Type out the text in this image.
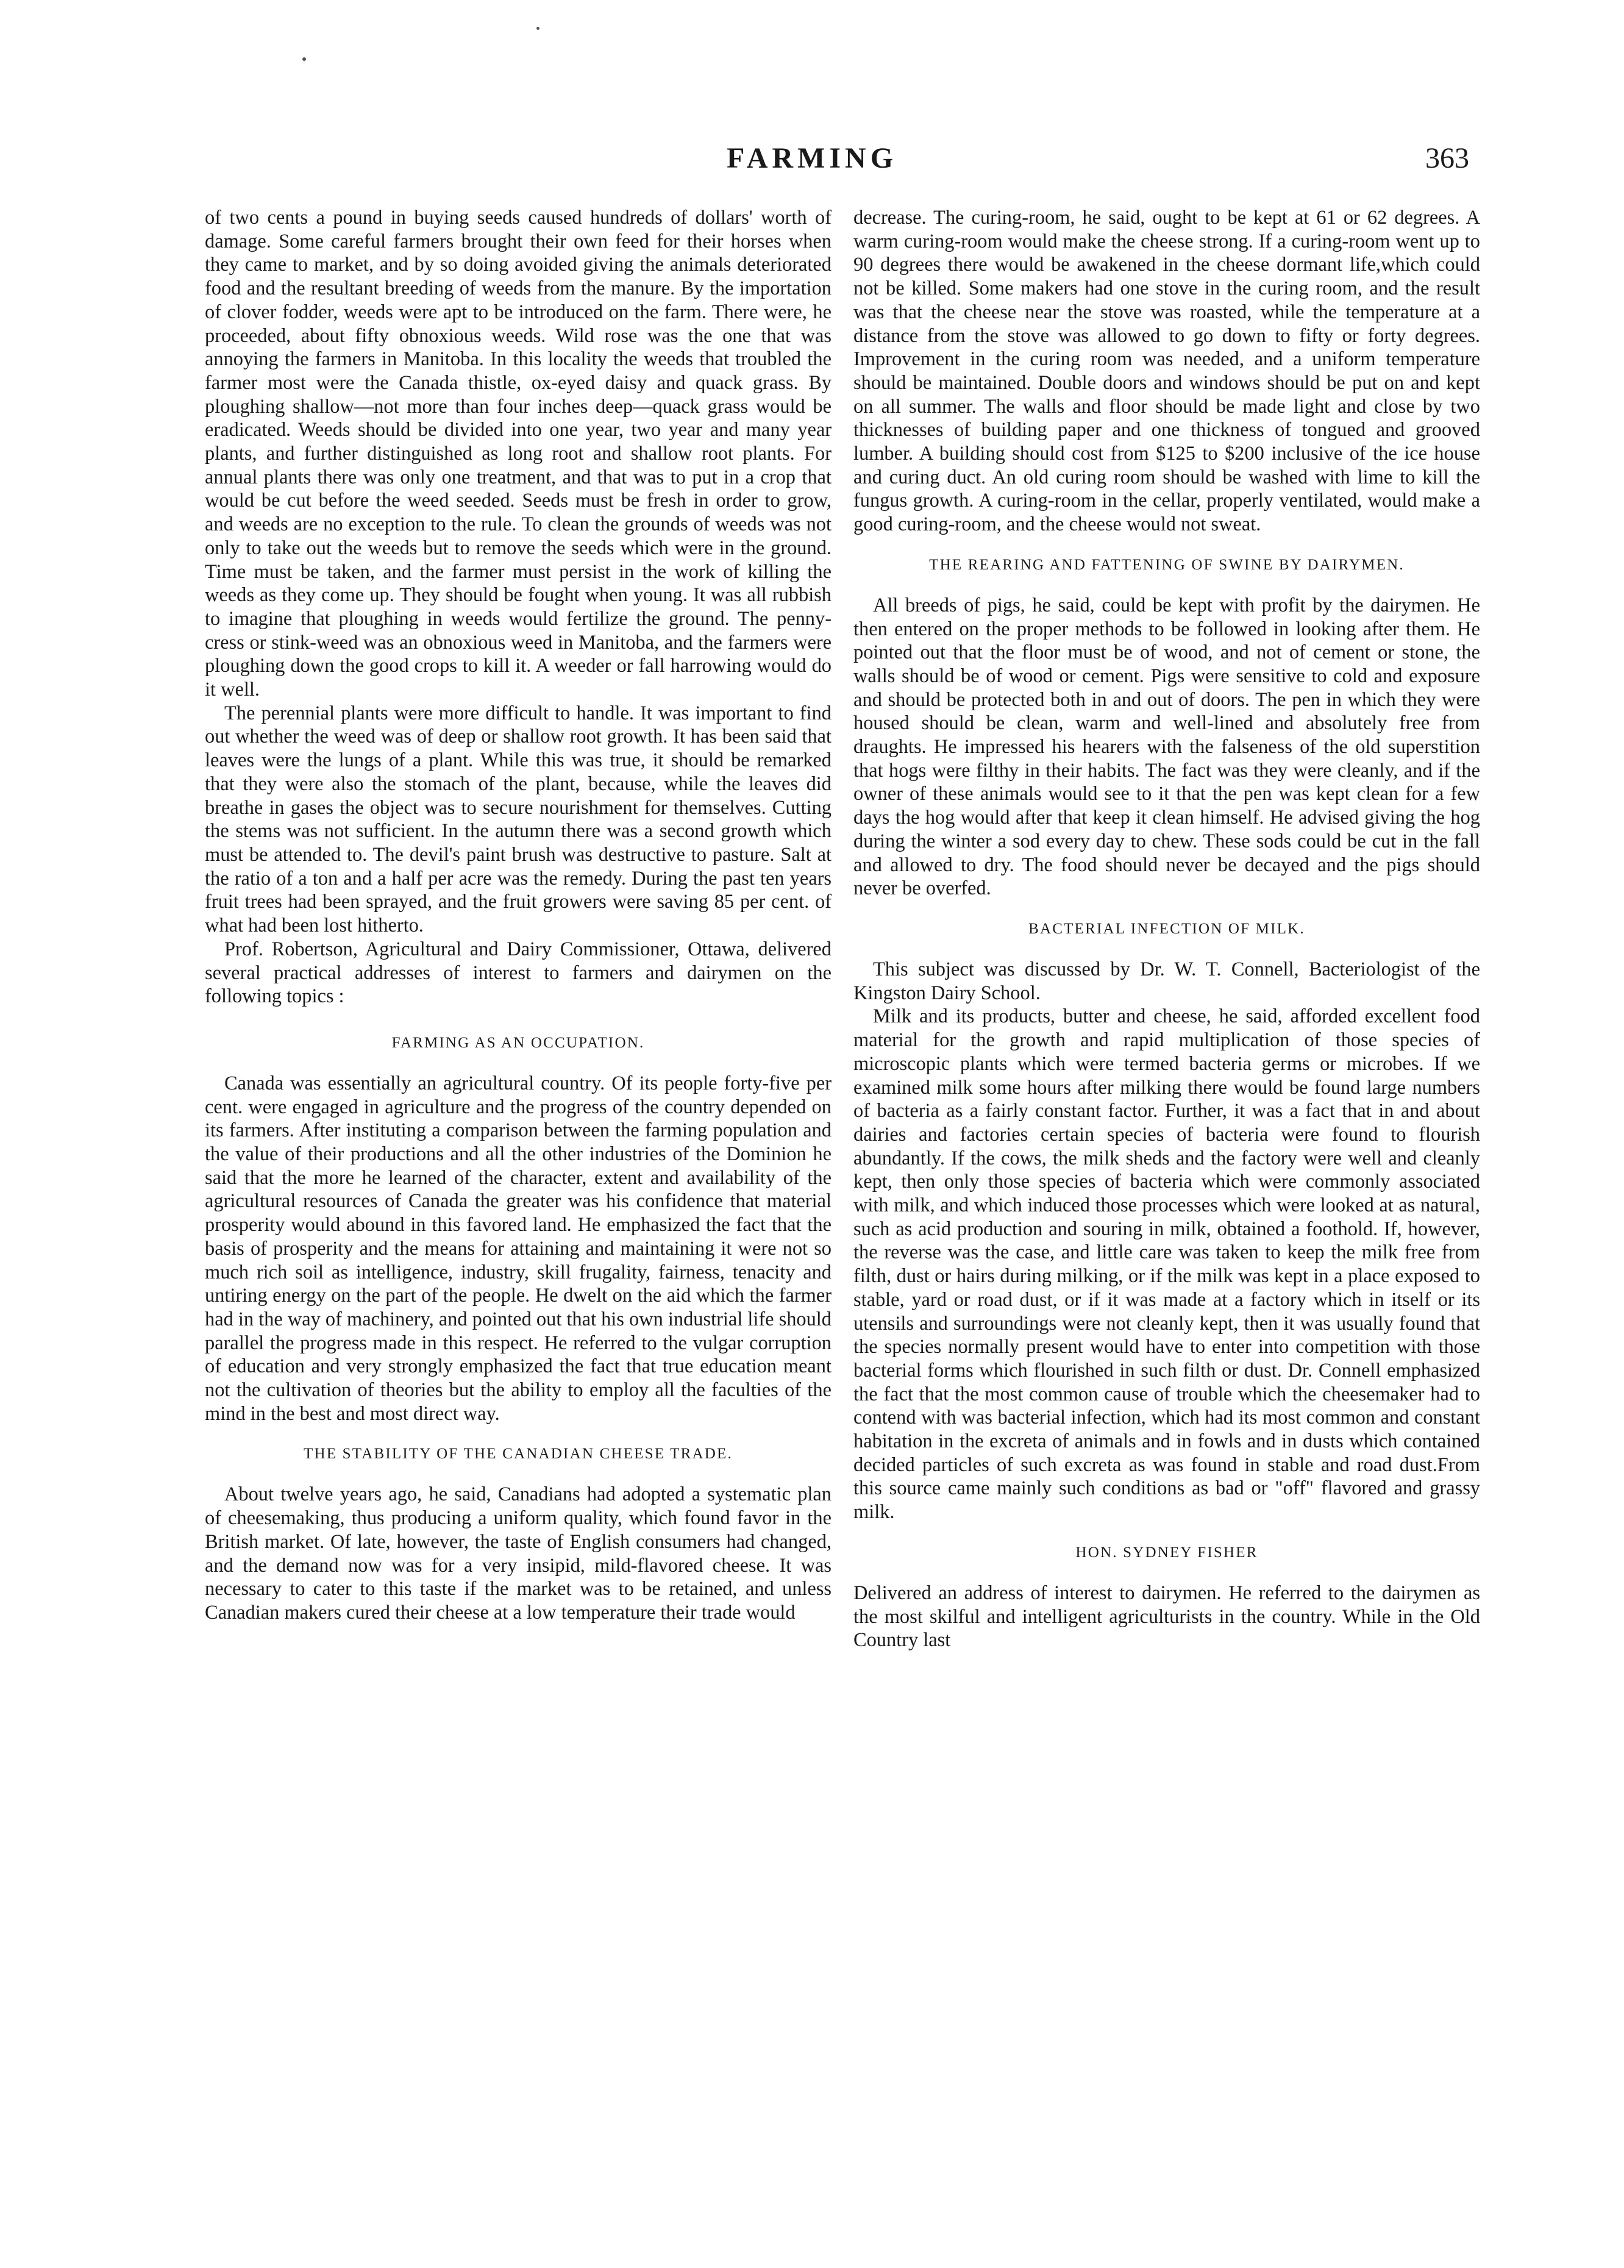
FARMING	363

of two cents a pound in buying seeds caused hundreds of dollars' worth of damage. Some careful farmers brought their own feed for their horses when they came to market, and by so doing avoided giving the animals deteriorated food and the resultant breeding of weeds from the manure. By the importation of clover fodder, weeds were apt to be introduced on the farm. There were, he proceeded, about fifty obnoxious weeds. Wild rose was the one that was annoying the farmers in Manitoba. In this locality the weeds that troubled the farmer most were the Canada thistle, ox-eyed daisy and quack grass. By ploughing shallow—not more than four inches deep—quack grass would be eradicated. Weeds should be divided into one year, two year and many year plants, and further distinguished as long root and shallow root plants. For annual plants there was only one treatment, and that was to put in a crop that would be cut before the weed seeded. Seeds must be fresh in order to grow, and weeds are no exception to the rule. To clean the grounds of weeds was not only to take out the weeds but to remove the seeds which were in the ground. Time must be taken, and the farmer must persist in the work of killing the weeds as they come up. They should be fought when young. It was all rubbish to imagine that ploughing in weeds would fertilize the ground. The penny-cress or stink-weed was an obnoxious weed in Manitoba, and the farmers were ploughing down the good crops to kill it. A weeder or fall harrowing would do it well.

The perennial plants were more difficult to handle. It was important to find out whether the weed was of deep or shallow root growth. It has been said that leaves were the lungs of a plant. While this was true, it should be remarked that they were also the stomach of the plant, because, while the leaves did breathe in gases the object was to secure nourishment for themselves. Cutting the stems was not sufficient. In the autumn there was a second growth which must be attended to. The devil's paint brush was destructive to pasture. Salt at the ratio of a ton and a half per acre was the remedy. During the past ten years fruit trees had been sprayed, and the fruit growers were saving 85 per cent. of what had been lost hitherto.

Prof. Robertson, Agricultural and Dairy Commissioner, Ottawa, delivered several practical addresses of interest to farmers and dairymen on the following topics :

FARMING AS AN OCCUPATION.

Canada was essentially an agricultural country. Of its people forty-five per cent. were engaged in agriculture and the progress of the country depended on its farmers. After instituting a comparison between the farming population and the value of their productions and all the other industries of the Dominion he said that the more he learned of the character, extent and availability of the agricultural resources of Canada the greater was his confidence that material prosperity would abound in this favored land. He emphasized the fact that the basis of prosperity and the means for attaining and maintaining it were not so much rich soil as intelligence, industry, skill frugality, fairness, tenacity and untiring energy on the part of the people. He dwelt on the aid which the farmer had in the way of machinery, and pointed out that his own industrial life should parallel the progress made in this respect. He referred to the vulgar corruption of education and very strongly emphasized the fact that true education meant not the cultivation of theories but the ability to employ all the faculties of the mind in the best and most direct way.

THE STABILITY OF THE CANADIAN CHEESE TRADE.

About twelve years ago, he said, Canadians had adopted a systematic plan of cheesemaking, thus producing a uniform quality, which found favor in the British market. Of late, however, the taste of English consumers had changed, and the demand now was for a very insipid, mild-flavored cheese. It was necessary to cater to this taste if the market was to be retained, and unless Canadian makers cured their cheese at a low temperature their trade would

decrease. The curing-room, he said, ought to be kept at 61 or 62 degrees. A warm curing-room would make the cheese strong. If a curing-room went up to 90 degrees there would be awakened in the cheese dormant life,which could not be killed. Some makers had one stove in the curing room, and the result was that the cheese near the stove was roasted, while the temperature at a distance from the stove was allowed to go down to fifty or forty degrees. Improvement in the curing room was needed, and a uniform temperature should be maintained. Double doors and windows should be put on and kept on all summer. The walls and floor should be made light and close by two thicknesses of building paper and one thickness of tongued and grooved lumber. A building should cost from $125 to $200 inclusive of the ice house and curing duct. An old curing room should be washed with lime to kill the fungus growth. A curing-room in the cellar, properly ventilated, would make a good curing-room, and the cheese would not sweat.

THE REARING AND FATTENING OF SWINE BY DAIRYMEN.

All breeds of pigs, he said, could be kept with profit by the dairymen. He then entered on the proper methods to be followed in looking after them. He pointed out that the floor must be of wood, and not of cement or stone, the walls should be of wood or cement. Pigs were sensitive to cold and exposure and should be protected both in and out of doors. The pen in which they were housed should be clean, warm and well-lined and absolutely free from draughts. He impressed his hearers with the falseness of the old superstition that hogs were filthy in their habits. The fact was they were cleanly, and if the owner of these animals would see to it that the pen was kept clean for a few days the hog would after that keep it clean himself. He advised giving the hog during the winter a sod every day to chew. These sods could be cut in the fall and allowed to dry. The food should never be decayed and the pigs should never be overfed.

BACTERIAL INFECTION OF MILK.

This subject was discussed by Dr. W. T. Connell, Bacteriologist of the Kingston Dairy School.

Milk and its products, butter and cheese, he said, afforded excellent food material for the growth and rapid multiplication of those species of microscopic plants which were termed bacteria germs or microbes. If we examined milk some hours after milking there would be found large numbers of bacteria as a fairly constant factor. Further, it was a fact that in and about dairies and factories certain species of bacteria were found to flourish abundantly. If the cows, the milk sheds and the factory were well and cleanly kept, then only those species of bacteria which were commonly associated with milk, and which induced those processes which were looked at as natural, such as acid production and souring in milk, obtained a foothold. If, however, the reverse was the case, and little care was taken to keep the milk free from filth, dust or hairs during milking, or if the milk was kept in a place exposed to stable, yard or road dust, or if it was made at a factory which in itself or its utensils and surroundings were not cleanly kept, then it was usually found that the species normally present would have to enter into competition with those bacterial forms which flourished in such filth or dust. Dr. Connell emphasized the fact that the most common cause of trouble which the cheesemaker had to contend with was bacterial infection, which had its most common and constant habitation in the excreta of animals and in fowls and in dusts which contained decided particles of such excreta as was found in stable and road dust.From this source came mainly such conditions as bad or "off" flavored and grassy milk.

HON. SYDNEY FISHER

Delivered an address of interest to dairymen. He referred to the dairymen as the most skilful and intelligent agriculturists in the country. While in the Old Country last
